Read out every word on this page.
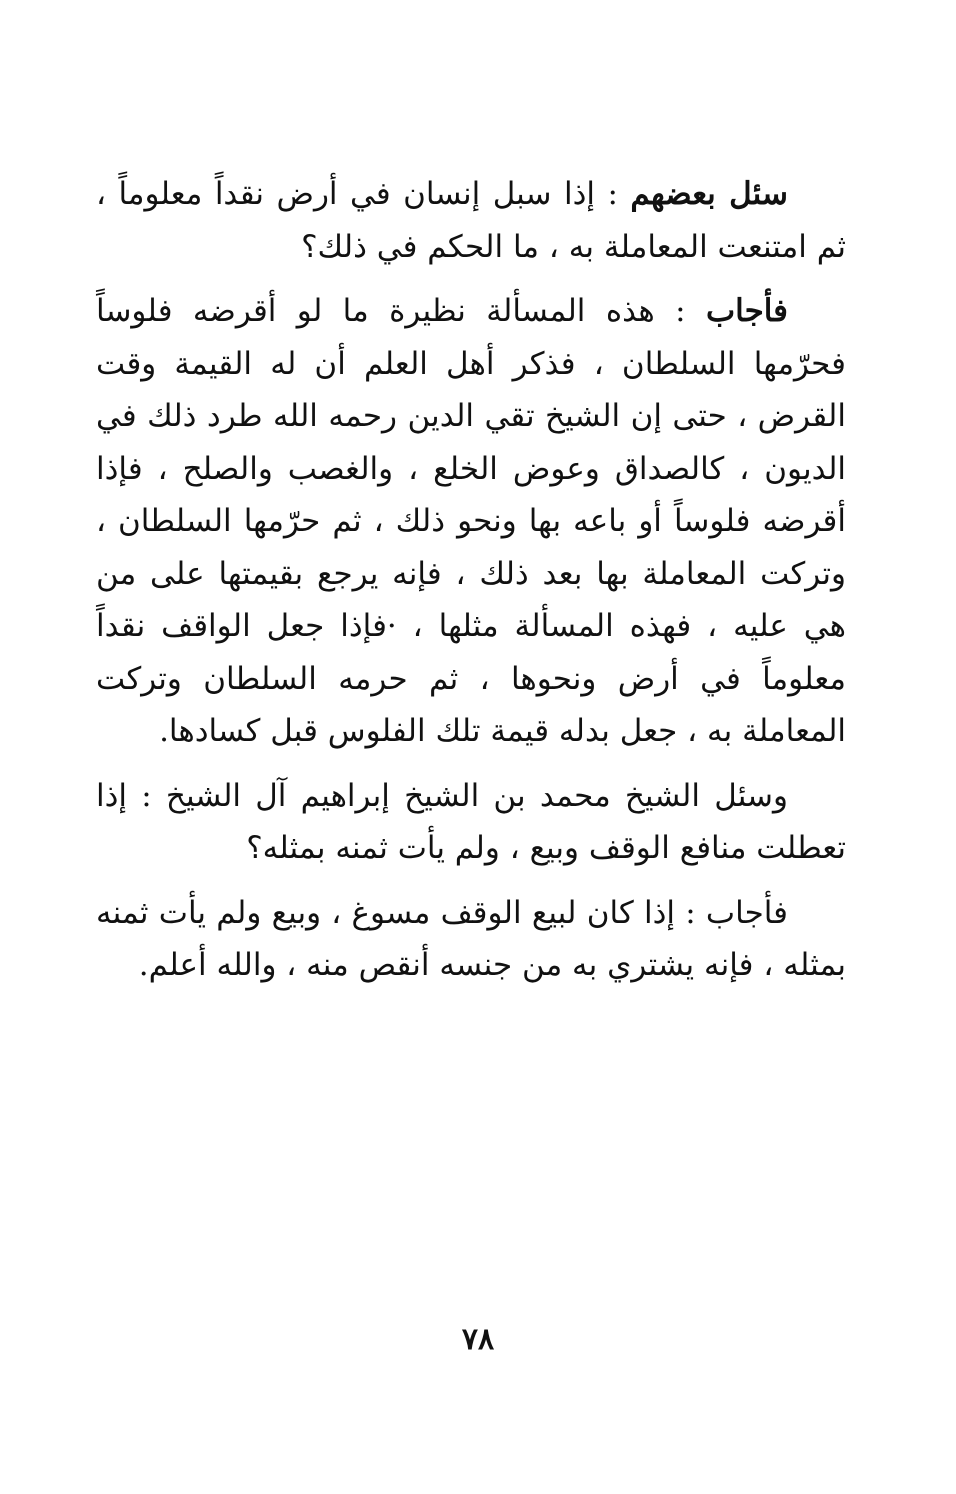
سئل بعضهم : إذا سبل إنسان في أرض نقداً معلوماً ، ثم امتنعت المعاملة به ، ما الحكم في ذلك؟

فأجاب : هذه المسألة نظيرة ما لو أقرضه فلوساً فحرّمها السلطان ، فذكر أهل العلم أن له القيمة وقت القرض ، حتى إن الشيخ تقي الدين رحمه الله طرد ذلك في الديون ، كالصداق وعوض الخلع ، والغصب والصلح ، فإذا أقرضه فلوساً أو باعه بها ونحو ذلك ، ثم حرّمها السلطان ، وتركت المعاملة بها بعد ذلك ، فإنه يرجع بقيمتها على من هي عليه ، فهذه المسألة مثلها ، ·فإذا جعل الواقف نقداً معلوماً في أرض ونحوها ، ثم حرمه السلطان وتركت المعاملة به ، جعل بدله قيمة تلك الفلوس قبل كسادها.

وسئل الشيخ محمد بن الشيخ إبراهيم آل الشيخ : إذا تعطلت منافع الوقف وبيع ، ولم يأت ثمنه بمثله؟

فأجاب : إذا كان لبيع الوقف مسوغ ، وبيع ولم يأت ثمنه بمثله ، فإنه يشتري به من جنسه أنقص منه ، والله أعلم.

٧٨
